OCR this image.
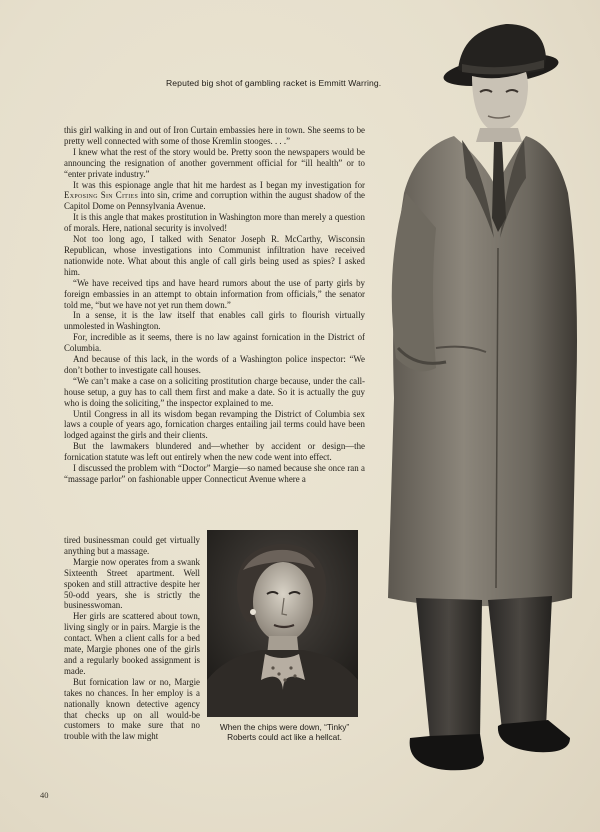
Reputed big shot of gambling racket is Emmitt Warring.

this girl walking in and out of Iron Curtain embassies here in town. She seems to be pretty well connected with some of those Kremlin stooges. . . .”

I knew what the rest of the story would be. Pretty soon the newspapers would be announcing the resignation of another government official for “ill health” or to “enter private industry.”

It was this espionage angle that hit me hardest as I began my investigation for Exposing Sin Cities into sin, crime and corruption within the august shadow of the Capitol Dome on Pennsylvania Avenue.

It is this angle that makes prostitution in Washington more than merely a question of morals. Here, national security is involved!

Not too long ago, I talked with Senator Joseph R. McCarthy, Wisconsin Republican, whose investigations into Communist infiltration have received nationwide note. What about this angle of call girls being used as spies? I asked him.

“We have received tips and have heard rumors about the use of party girls by foreign embassies in an attempt to obtain information from officials,” the senator told me, “but we have not yet run them down.”

In a sense, it is the law itself that enables call girls to flourish virtually unmolested in Washington.

For, incredible as it seems, there is no law against fornication in the District of Columbia.

And because of this lack, in the words of a Washington police inspector: “We don’t bother to investigate call houses.

“We can’t make a case on a soliciting prostitution charge because, under the call-house setup, a guy has to call them first and make a date. So it is actually the guy who is doing the soliciting,” the inspector explained to me.

Until Congress in all its wisdom began revamping the District of Columbia sex laws a couple of years ago, fornication charges entailing jail terms could have been lodged against the girls and their clients.

But the lawmakers blundered and—whether by accident or design—the fornication statute was left out entirely when the new code went into effect.

I discussed the problem with “Doctor” Margie—so named because she once ran a “massage parlor” on fashionable upper Connecticut Avenue where a

tired businessman could get virtually anything but a massage.

Margie now operates from a swank Sixteenth Street apartment. Well spoken and still attractive despite her 50-odd years, she is strictly the businesswoman.

Her girls are scattered about town, living singly or in pairs. Margie is the contact. When a client calls for a bed mate, Margie phones one of the girls and a regularly booked assignment is made.

But fornication law or no, Margie takes no chances. In her employ is a nationally known detective agency that checks up on all would-be customers to make sure that no trouble with the law might

When the chips were down, “Tinky” Roberts could act like a hellcat.
40
